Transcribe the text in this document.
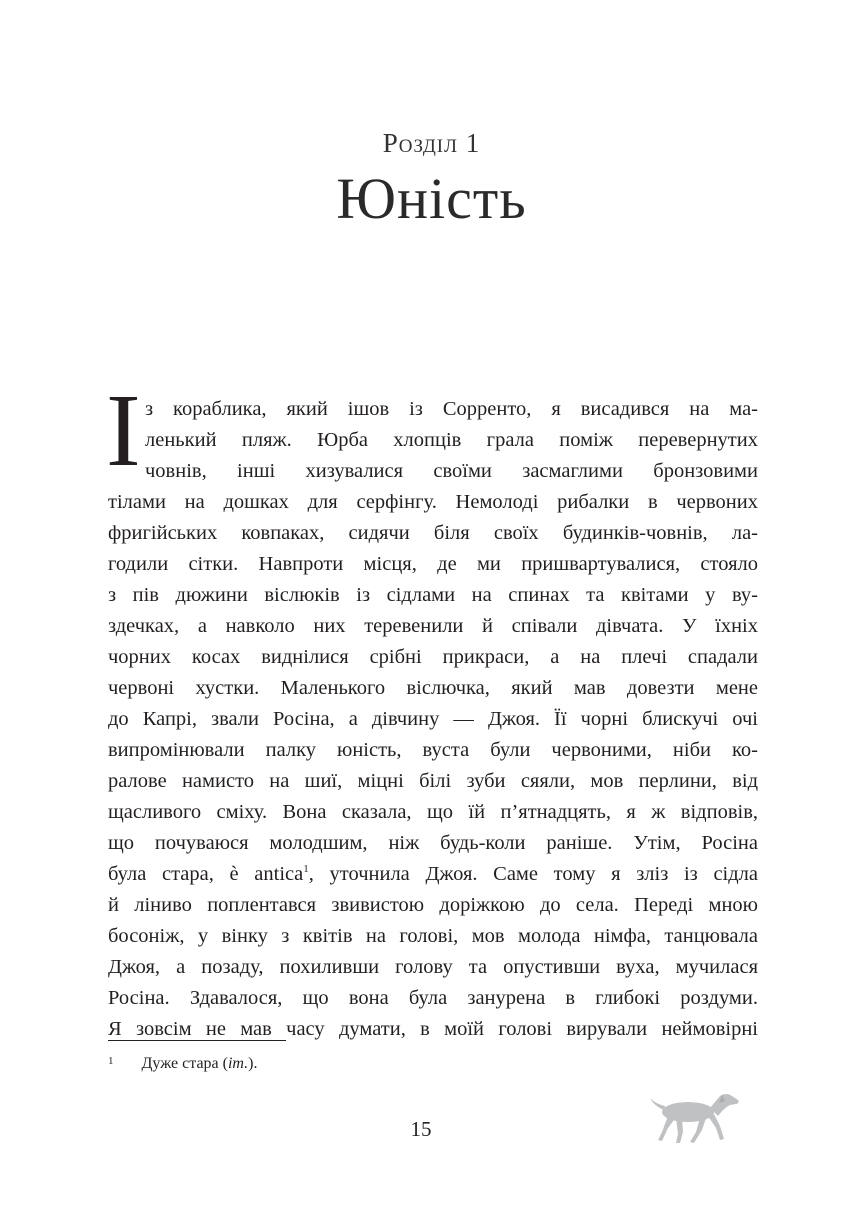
Розділ 1
Юність
І з кораблика, який ішов із Сорренто, я висадився на ма-
ленький пляж. Юрба хлопців грала поміж перевернутих
човнів, інші хизувалися своїми засмаглими бронзовими
тілами на дошках для серфінгу. Немолоді рибалки в червоних
фригійських ковпаках, сидячи біля своїх будинків-човнів, ла-
годили сітки. Навпроти місця, де ми пришвартувалися, стояло
з пів дюжини віслюків із сідлами на спинах та квітами у ву-
здечках, а навколо них теревенили й співали дівчата. У їхніх
чорних косах виднілися срібні прикраси, а на плечі спадали
червоні хустки. Маленького віслючка, який мав довезти мене
до Капрі, звали Росіна, а дівчину — Джоя. Її чорні блискучі очі
випромінювали палку юність, вуста були червоними, ніби ко-
ралове намисто на шиї, міцні білі зуби сяяли, мов перлини, від
щасливого сміху. Вона сказала, що їй п’ятнадцять, я ж відповів,
що почуваюся молодшим, ніж будь-коли раніше. Утім, Росіна
була стара, è antica$^1$, уточнила Джоя. Саме тому я зліз із сідла
й ліниво поплентався звивистою доріжкою до села. Переді мною
босоніж, у вінку з квітів на голові, мов молода німфа, танцювала
Джоя, а позаду, похиливши голову та опустивши вуха, мучилася
Росіна. Здавалося, що вона була занурена в глибокі роздуми.
Я зовсім не мав часу думати, в моїй голові вирували неймовірні
$^1$ Дуже стара (іт.).
15
